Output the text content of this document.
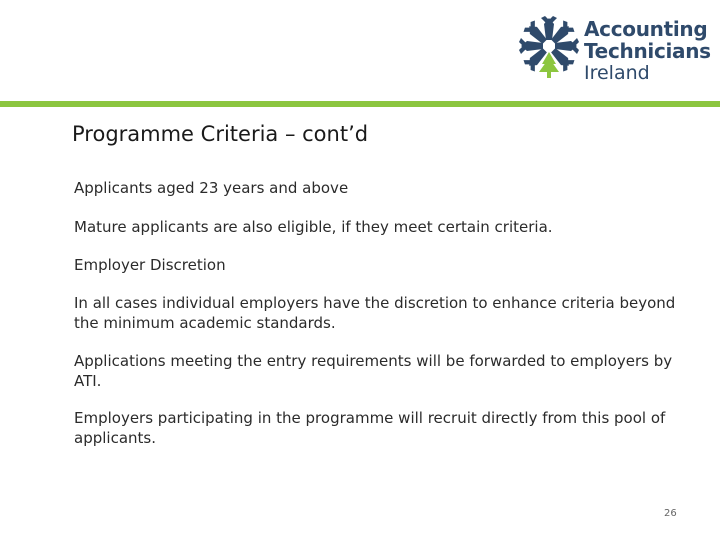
Accounting
Technicians
Ireland
Programme Criteria – cont’d

Applicants aged 23 years and above

Mature applicants are also eligible, if they meet certain criteria.

Employer Discretion

In all cases individual employers have the discretion to enhance criteria beyond the minimum academic standards.

Applications meeting the entry requirements will be forwarded to employers by ATI.

Employers participating in the programme will recruit directly from this pool of applicants.

26
